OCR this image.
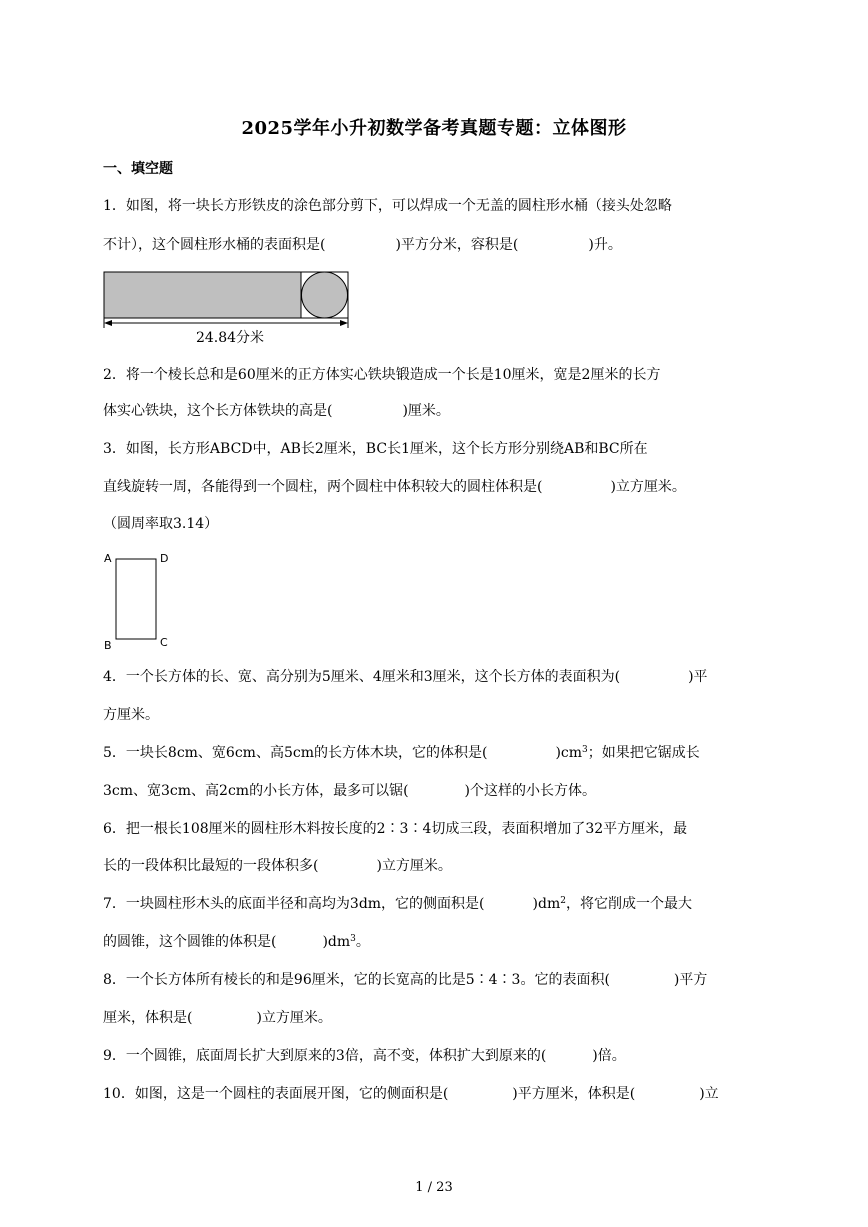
2025学年小升初数学备考真题专题：立体图形
一、填空题
1．如图，将一块长方形铁皮的涂色部分剪下，可以焊成一个无盖的圆柱形水桶（接头处忽略
不计），这个圆柱形水桶的表面积是(	)平方分米，容积是(	)升。
24.84分米
2．将一个棱长总和是60厘米的正方体实心铁块锻造成一个长是10厘米，宽是2厘米的长方
体实心铁块，这个长方体铁块的高是(	)厘米。
3．如图，长方形ABCD中，AB长2厘米，BC长1厘米，这个长方形分别绕AB和BC所在
直线旋转一周，各能得到一个圆柱，两个圆柱中体积较大的圆柱体积是(	)立方厘米。
（圆周率取3.14）
A	D
B	C
4．一个长方体的长、宽、高分别为5厘米、4厘米和3厘米，这个长方体的表面积为(	)平
方厘米。
5．一块长8cm、宽6cm、高5cm的长方体木块，它的体积是(	)$cm^3$；如果把它锯成长
3cm、宽3cm、高2cm的小长方体，最多可以锯(	)个这样的小长方体。
6．把一根长108厘米的圆柱形木料按长度的2∶3∶4切成三段，表面积增加了32平方厘米，最
长的一段体积比最短的一段体积多(	)立方厘米。
7．一块圆柱形木头的底面半径和高均为3dm，它的侧面积是(	)$dm^2$，将它削成一个最大
的圆锥，这个圆锥的体积是(	)$dm^3$。
8．一个长方体所有棱长的和是96厘米，它的长宽高的比是5∶4∶3。它的表面积(	)平方
厘米，体积是(	)立方厘米。
9．一个圆锥，底面周长扩大到原来的3倍，高不变，体积扩大到原来的(	)倍。
10．如图，这是一个圆柱的表面展开图，它的侧面积是(	)平方厘米，体积是(	)立
1 / 23
